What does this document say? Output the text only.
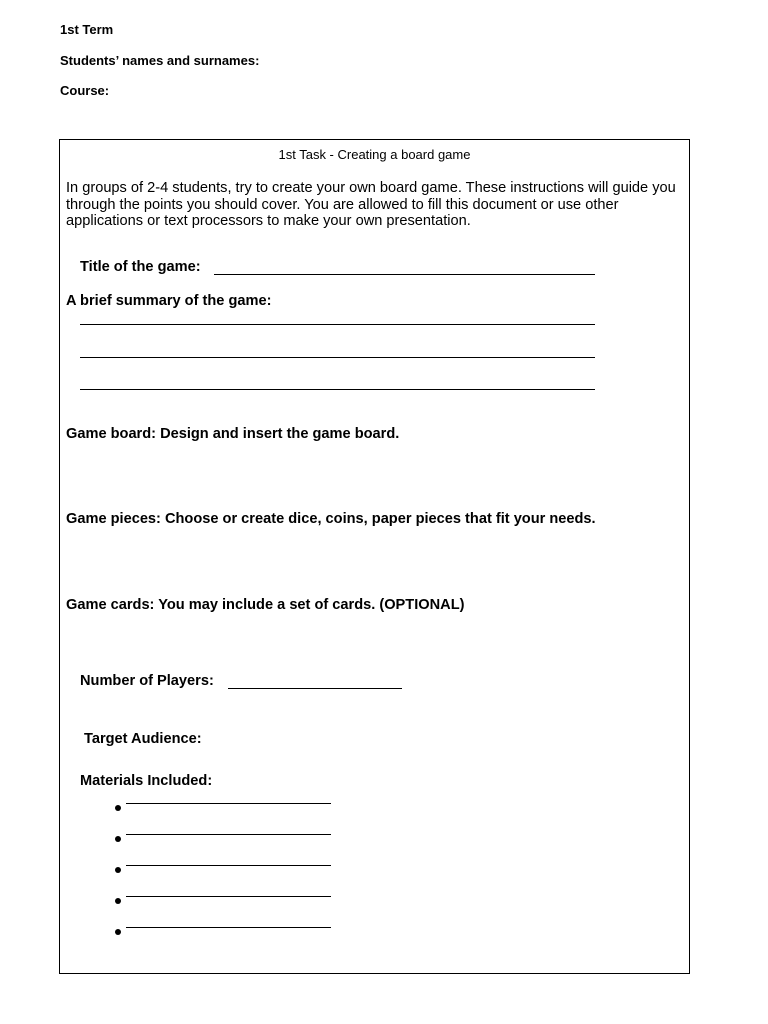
1st Term
Students’ names and surnames:
Course:
1st Task - Creating a board game
In groups of 2-4 students, try to create your own board game. These instructions will guide you through the points you should cover. You are allowed to fill this document or use other applications or text processors to make your own presentation.
Title of the game:
A brief summary of the game:
Game board: Design and insert the game board.
Game pieces: Choose or create dice, coins, paper pieces that fit your needs.
Game cards: You may include a set of cards. (OPTIONAL)
Number of Players:
Target Audience:
Materials Included:
